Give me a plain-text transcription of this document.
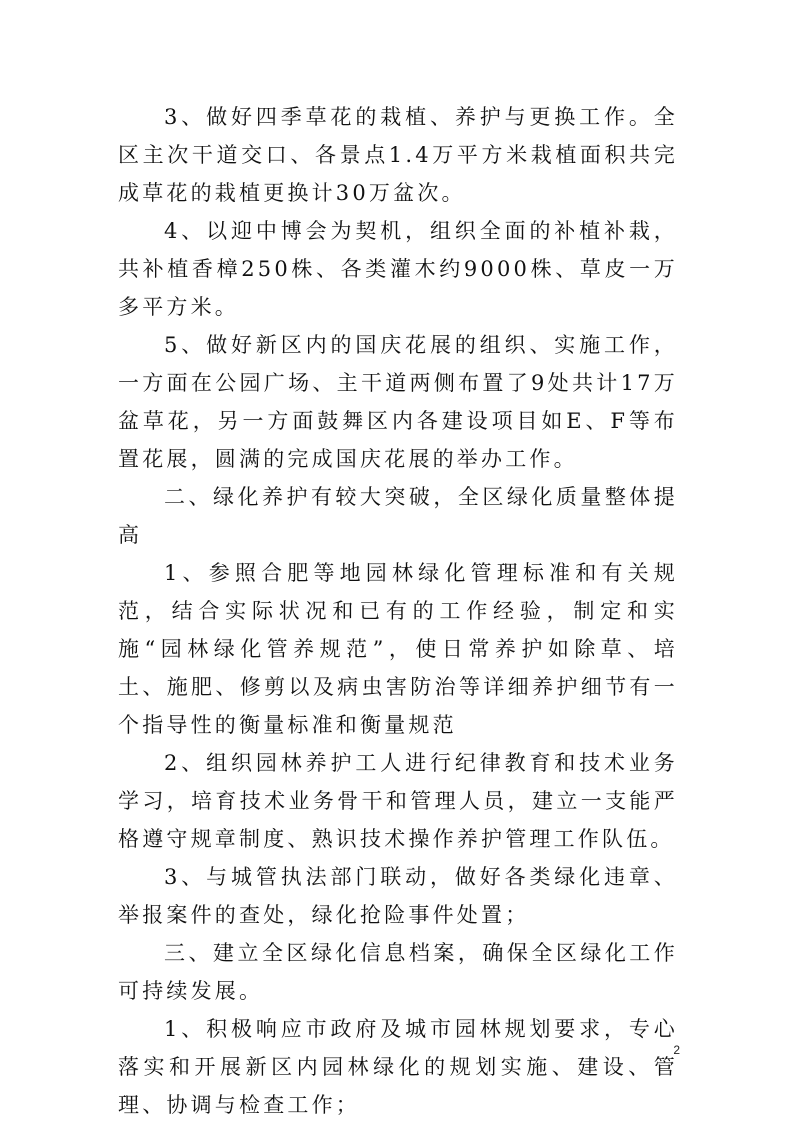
3、做好四季草花的栽植、养护与更换工作。全区主次干道交口、各景点1.4万平方米栽植面积共完成草花的栽植更换计30万盆次。

4、以迎中博会为契机，组织全面的补植补栽，共补植香樟250株、各类灌木约9000株、草皮一万多平方米。

5、做好新区内的国庆花展的组织、实施工作，一方面在公园广场、主干道两侧布置了9处共计17万盆草花，另一方面鼓舞区内各建设项目如E、F等布置花展，圆满的完成国庆花展的举办工作。

二、绿化养护有较大突破，全区绿化质量整体提高

1、参照合肥等地园林绿化管理标准和有关规范，结合实际状况和已有的工作经验，制定和实施“园林绿化管养规范”，使日常养护如除草、培土、施肥、修剪以及病虫害防治等详细养护细节有一个指导性的衡量标准和衡量规范

2、组织园林养护工人进行纪律教育和技术业务学习，培育技术业务骨干和管理人员，建立一支能严格遵守规章制度、熟识技术操作养护管理工作队伍。

3、与城管执法部门联动，做好各类绿化违章、举报案件的查处，绿化抢险事件处置；

三、建立全区绿化信息档案，确保全区绿化工作可持续发展。

1、积极响应市政府及城市园林规划要求，专心落实和开展新区内园林绿化的规划实施、建设、管理、协调与检查工作；

2
